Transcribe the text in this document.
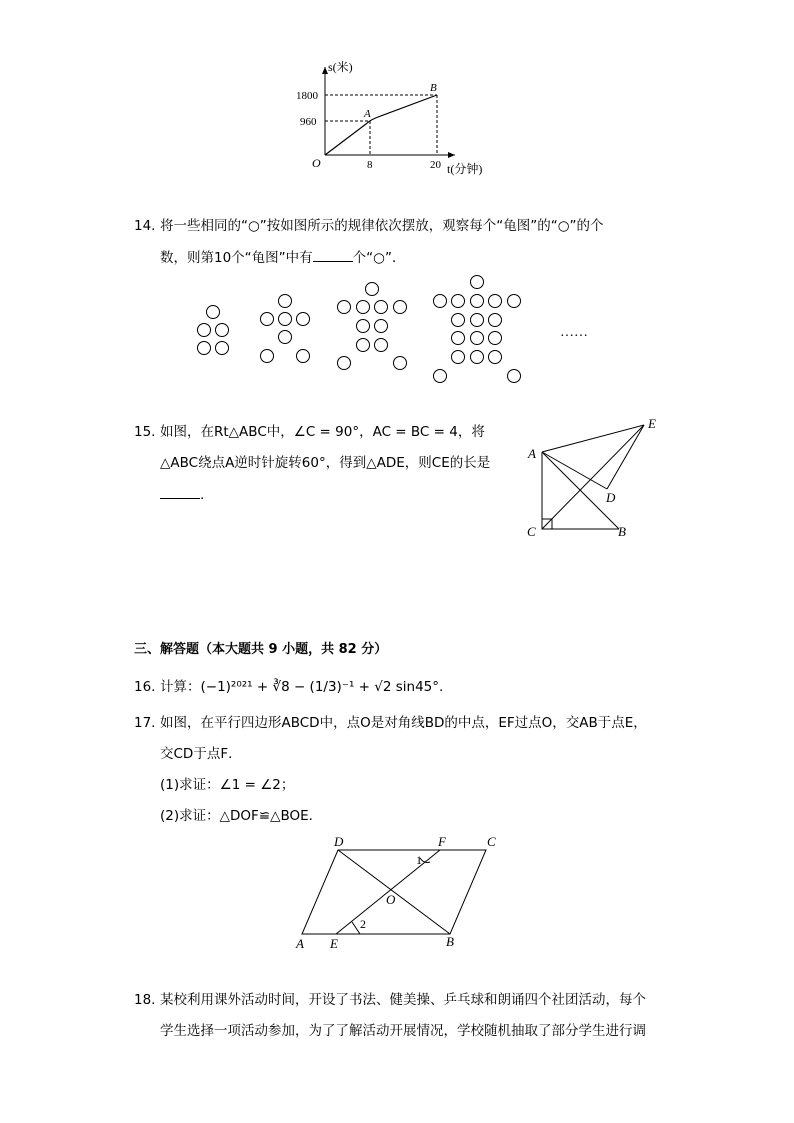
s(米)
t(分钟)
O
1800
960
8	20
A
B
14. 将一些相同的“○”按如图所示的规律依次摆放，观察每个“龟图”的“○”的个
数，则第10个“龟图”中有	个“○”．
……
15. 如图，在Rt△ABC中，∠C = 90°，AC = BC = 4，将
△ABC绕点A逆时针旋转60°，得到△ADE，则CE的长是
.
E
A
D
C	B
三、解答题（本大题共 9 小题，共 82 分）
16. 计算：(−1)²⁰²¹ + ∛8 − (1/3)⁻¹ + √2 sin45°.
17. 如图，在平行四边形ABCD中，点O是对角线BD的中点，EF过点O，交AB于点E，
交CD于点F．
(1)求证：∠1 = ∠2；
(2)求证：△DOF≌△BOE．
D	F	C
1
O
2
A E	B
18. 某校利用课外活动时间，开设了书法、健美操、乒乓球和朗诵四个社团活动，每个
学生选择一项活动参加，为了了解活动开展情况，学校随机抽取了部分学生进行调
